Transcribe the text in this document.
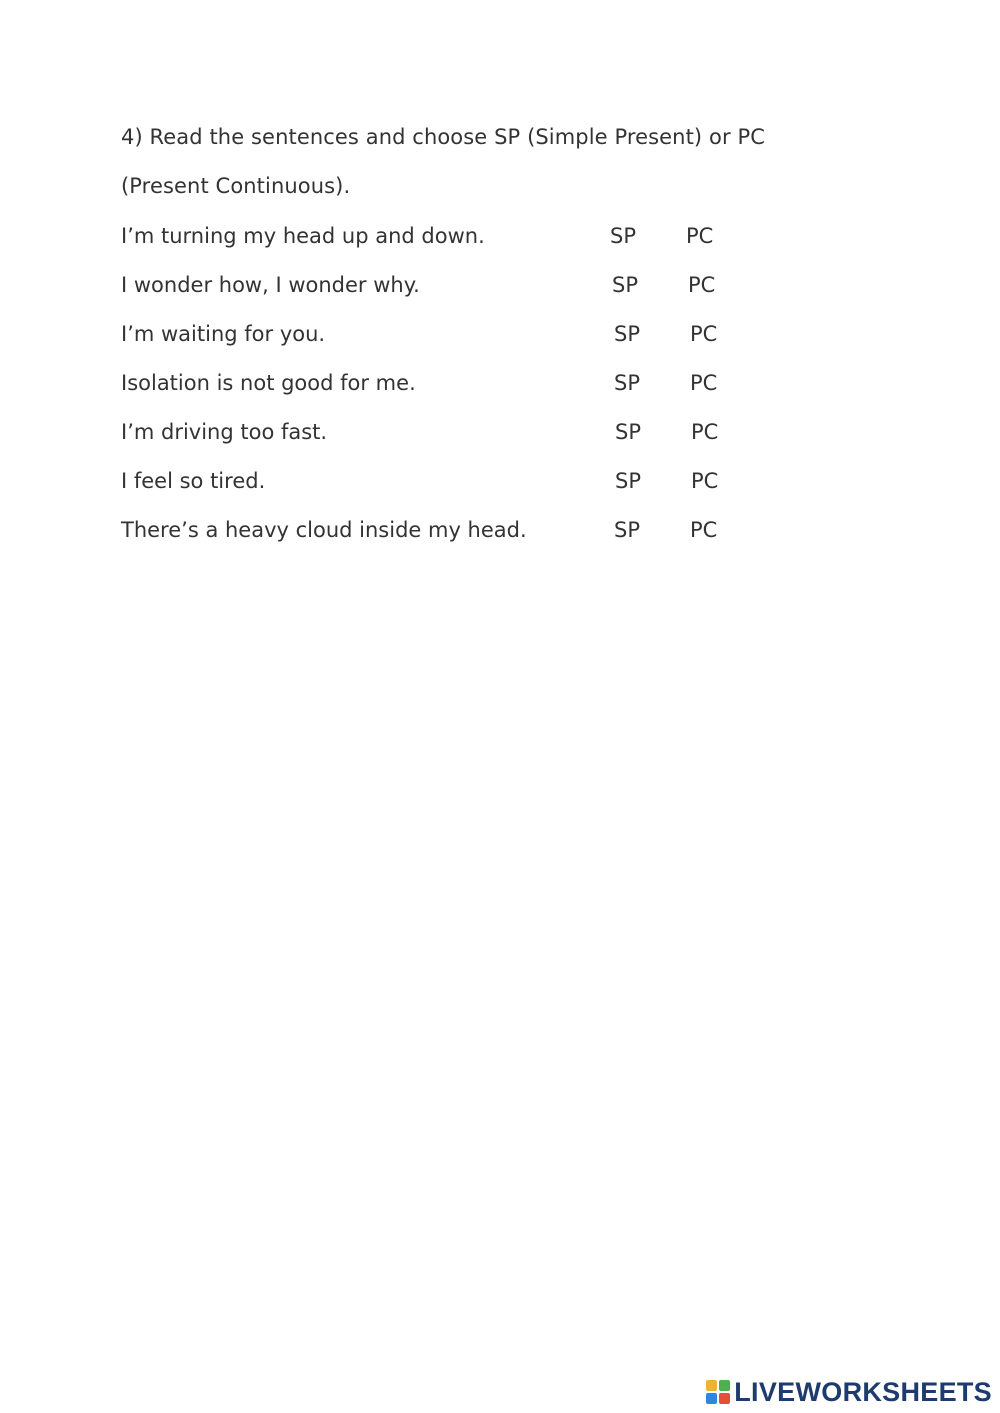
4) Read the sentences and choose SP (Simple Present) or PC
(Present Continuous).
I’m turning my head up and down.	SP PC
I wonder how, I wonder why.	SP PC
I’m waiting for you.	SP PC
Isolation is not good for me.	SP PC
I’m driving too fast.	SP PC
I feel so tired.	SP PC
There’s a heavy cloud inside my head.	SP PC
LIVEWORKSHEETS
